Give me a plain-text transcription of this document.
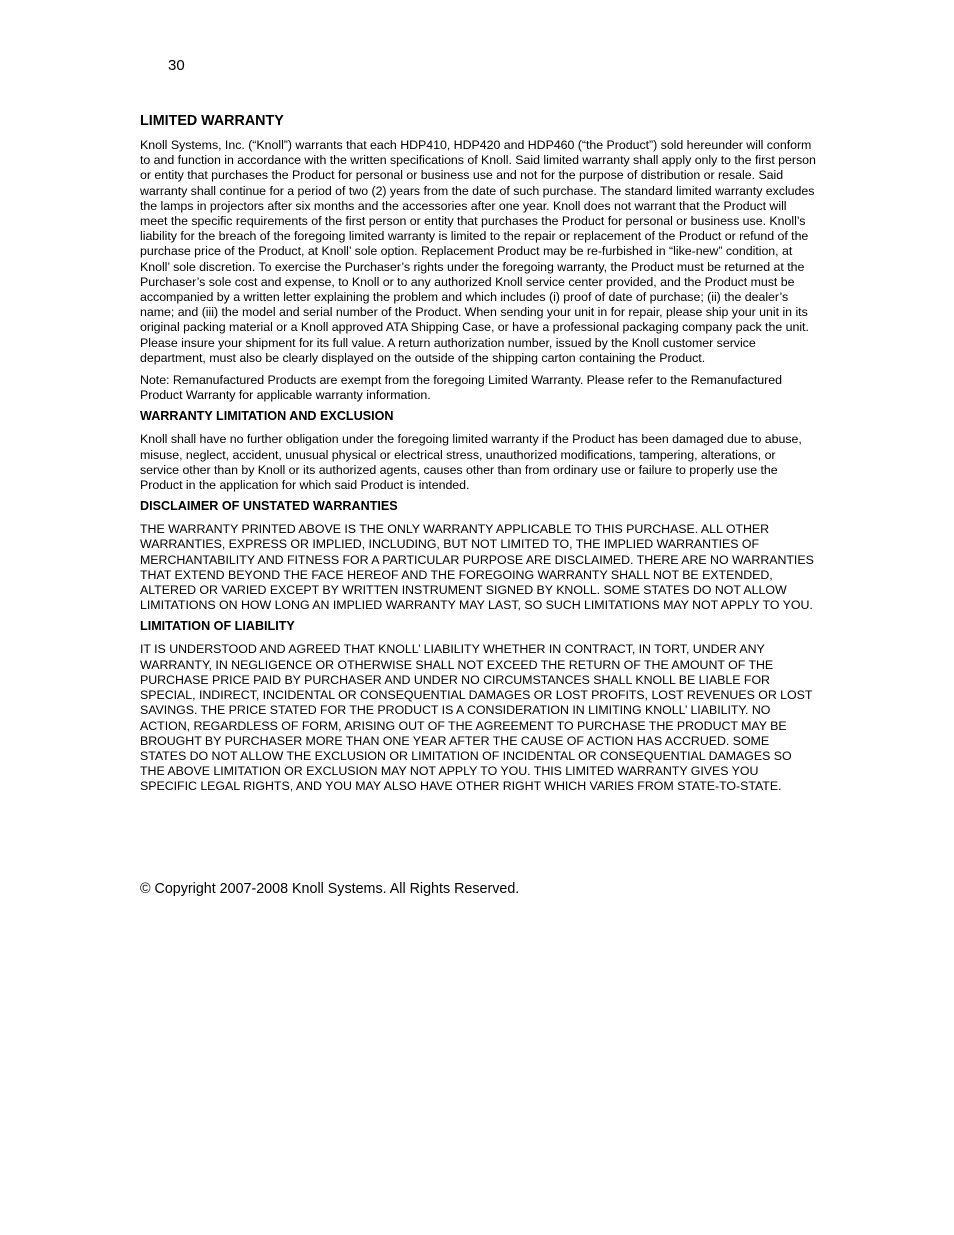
30

LIMITED WARRANTY

Knoll Systems, Inc. (“Knoll”) warrants that each HDP410, HDP420 and HDP460 (“the Product”) sold hereunder will conform to and function in accordance with the written specifications of Knoll. Said limited warranty shall apply only to the first person or entity that purchases the Product for personal or business use and not for the purpose of distribution or resale. Said warranty shall continue for a period of two (2) years from the date of such purchase. The standard limited warranty excludes the lamps in projectors after six months and the accessories after one year. Knoll does not warrant that the Product will meet the specific requirements of the first person or entity that purchases the Product for personal or business use. Knoll’s liability for the breach of the foregoing limited warranty is limited to the repair or replacement of the Product or refund of the purchase price of the Product, at Knoll’ sole option. Replacement Product may be re-furbished in “like-new” condition, at Knoll’ sole discretion. To exercise the Purchaser’s rights under the foregoing warranty, the Product must be returned at the Purchaser’s sole cost and expense, to Knoll or to any authorized Knoll service center provided, and the Product must be accompanied by a written letter explaining the problem and which includes (i) proof of date of purchase; (ii) the dealer’s name; and (iii) the model and serial number of the Product. When sending your unit in for repair, please ship your unit in its original packing material or a Knoll approved ATA Shipping Case, or have a professional packaging company pack the unit. Please insure your shipment for its full value. A return authorization number, issued by the Knoll customer service department, must also be clearly displayed on the outside of the shipping carton containing the Product.

Note: Remanufactured Products are exempt from the foregoing Limited Warranty. Please refer to the Remanufactured Product Warranty for applicable warranty information.

WARRANTY LIMITATION AND EXCLUSION

Knoll shall have no further obligation under the foregoing limited warranty if the Product has been damaged due to abuse, misuse, neglect, accident, unusual physical or electrical stress, unauthorized modifications, tampering, alterations, or service other than by Knoll or its authorized agents, causes other than from ordinary use or failure to properly use the Product in the application for which said Product is intended.

DISCLAIMER OF UNSTATED WARRANTIES

THE WARRANTY PRINTED ABOVE IS THE ONLY WARRANTY APPLICABLE TO THIS PURCHASE. ALL OTHER WARRANTIES, EXPRESS OR IMPLIED, INCLUDING, BUT NOT LIMITED TO, THE IMPLIED WARRANTIES OF MERCHANTABILITY AND FITNESS FOR A PARTICULAR PURPOSE ARE DISCLAIMED. THERE ARE NO WARRANTIES THAT EXTEND BEYOND THE FACE HEREOF AND THE FOREGOING WARRANTY SHALL NOT BE EXTENDED, ALTERED OR VARIED EXCEPT BY WRITTEN INSTRUMENT SIGNED BY KNOLL. SOME STATES DO NOT ALLOW LIMITATIONS ON HOW LONG AN IMPLIED WARRANTY MAY LAST, SO SUCH LIMITATIONS MAY NOT APPLY TO YOU.

LIMITATION OF LIABILITY

IT IS UNDERSTOOD AND AGREED THAT KNOLL’ LIABILITY WHETHER IN CONTRACT, IN TORT, UNDER ANY WARRANTY, IN NEGLIGENCE OR OTHERWISE SHALL NOT EXCEED THE RETURN OF THE AMOUNT OF THE PURCHASE PRICE PAID BY PURCHASER AND UNDER NO CIRCUMSTANCES SHALL KNOLL BE LIABLE FOR SPECIAL, INDIRECT, INCIDENTAL OR CONSEQUENTIAL DAMAGES OR LOST PROFITS, LOST REVENUES OR LOST SAVINGS. THE PRICE STATED FOR THE PRODUCT IS A CONSIDERATION IN LIMITING KNOLL’ LIABILITY. NO ACTION, REGARDLESS OF FORM, ARISING OUT OF THE AGREEMENT TO PURCHASE THE PRODUCT MAY BE BROUGHT BY PURCHASER MORE THAN ONE YEAR AFTER THE CAUSE OF ACTION HAS ACCRUED. SOME STATES DO NOT ALLOW THE EXCLUSION OR LIMITATION OF INCIDENTAL OR CONSEQUENTIAL DAMAGES SO THE ABOVE LIMITATION OR EXCLUSION MAY NOT APPLY TO YOU. THIS LIMITED WARRANTY GIVES YOU SPECIFIC LEGAL RIGHTS, AND YOU MAY ALSO HAVE OTHER RIGHT WHICH VARIES FROM STATE-TO-STATE.

© Copyright 2007-2008 Knoll Systems. All Rights Reserved.
